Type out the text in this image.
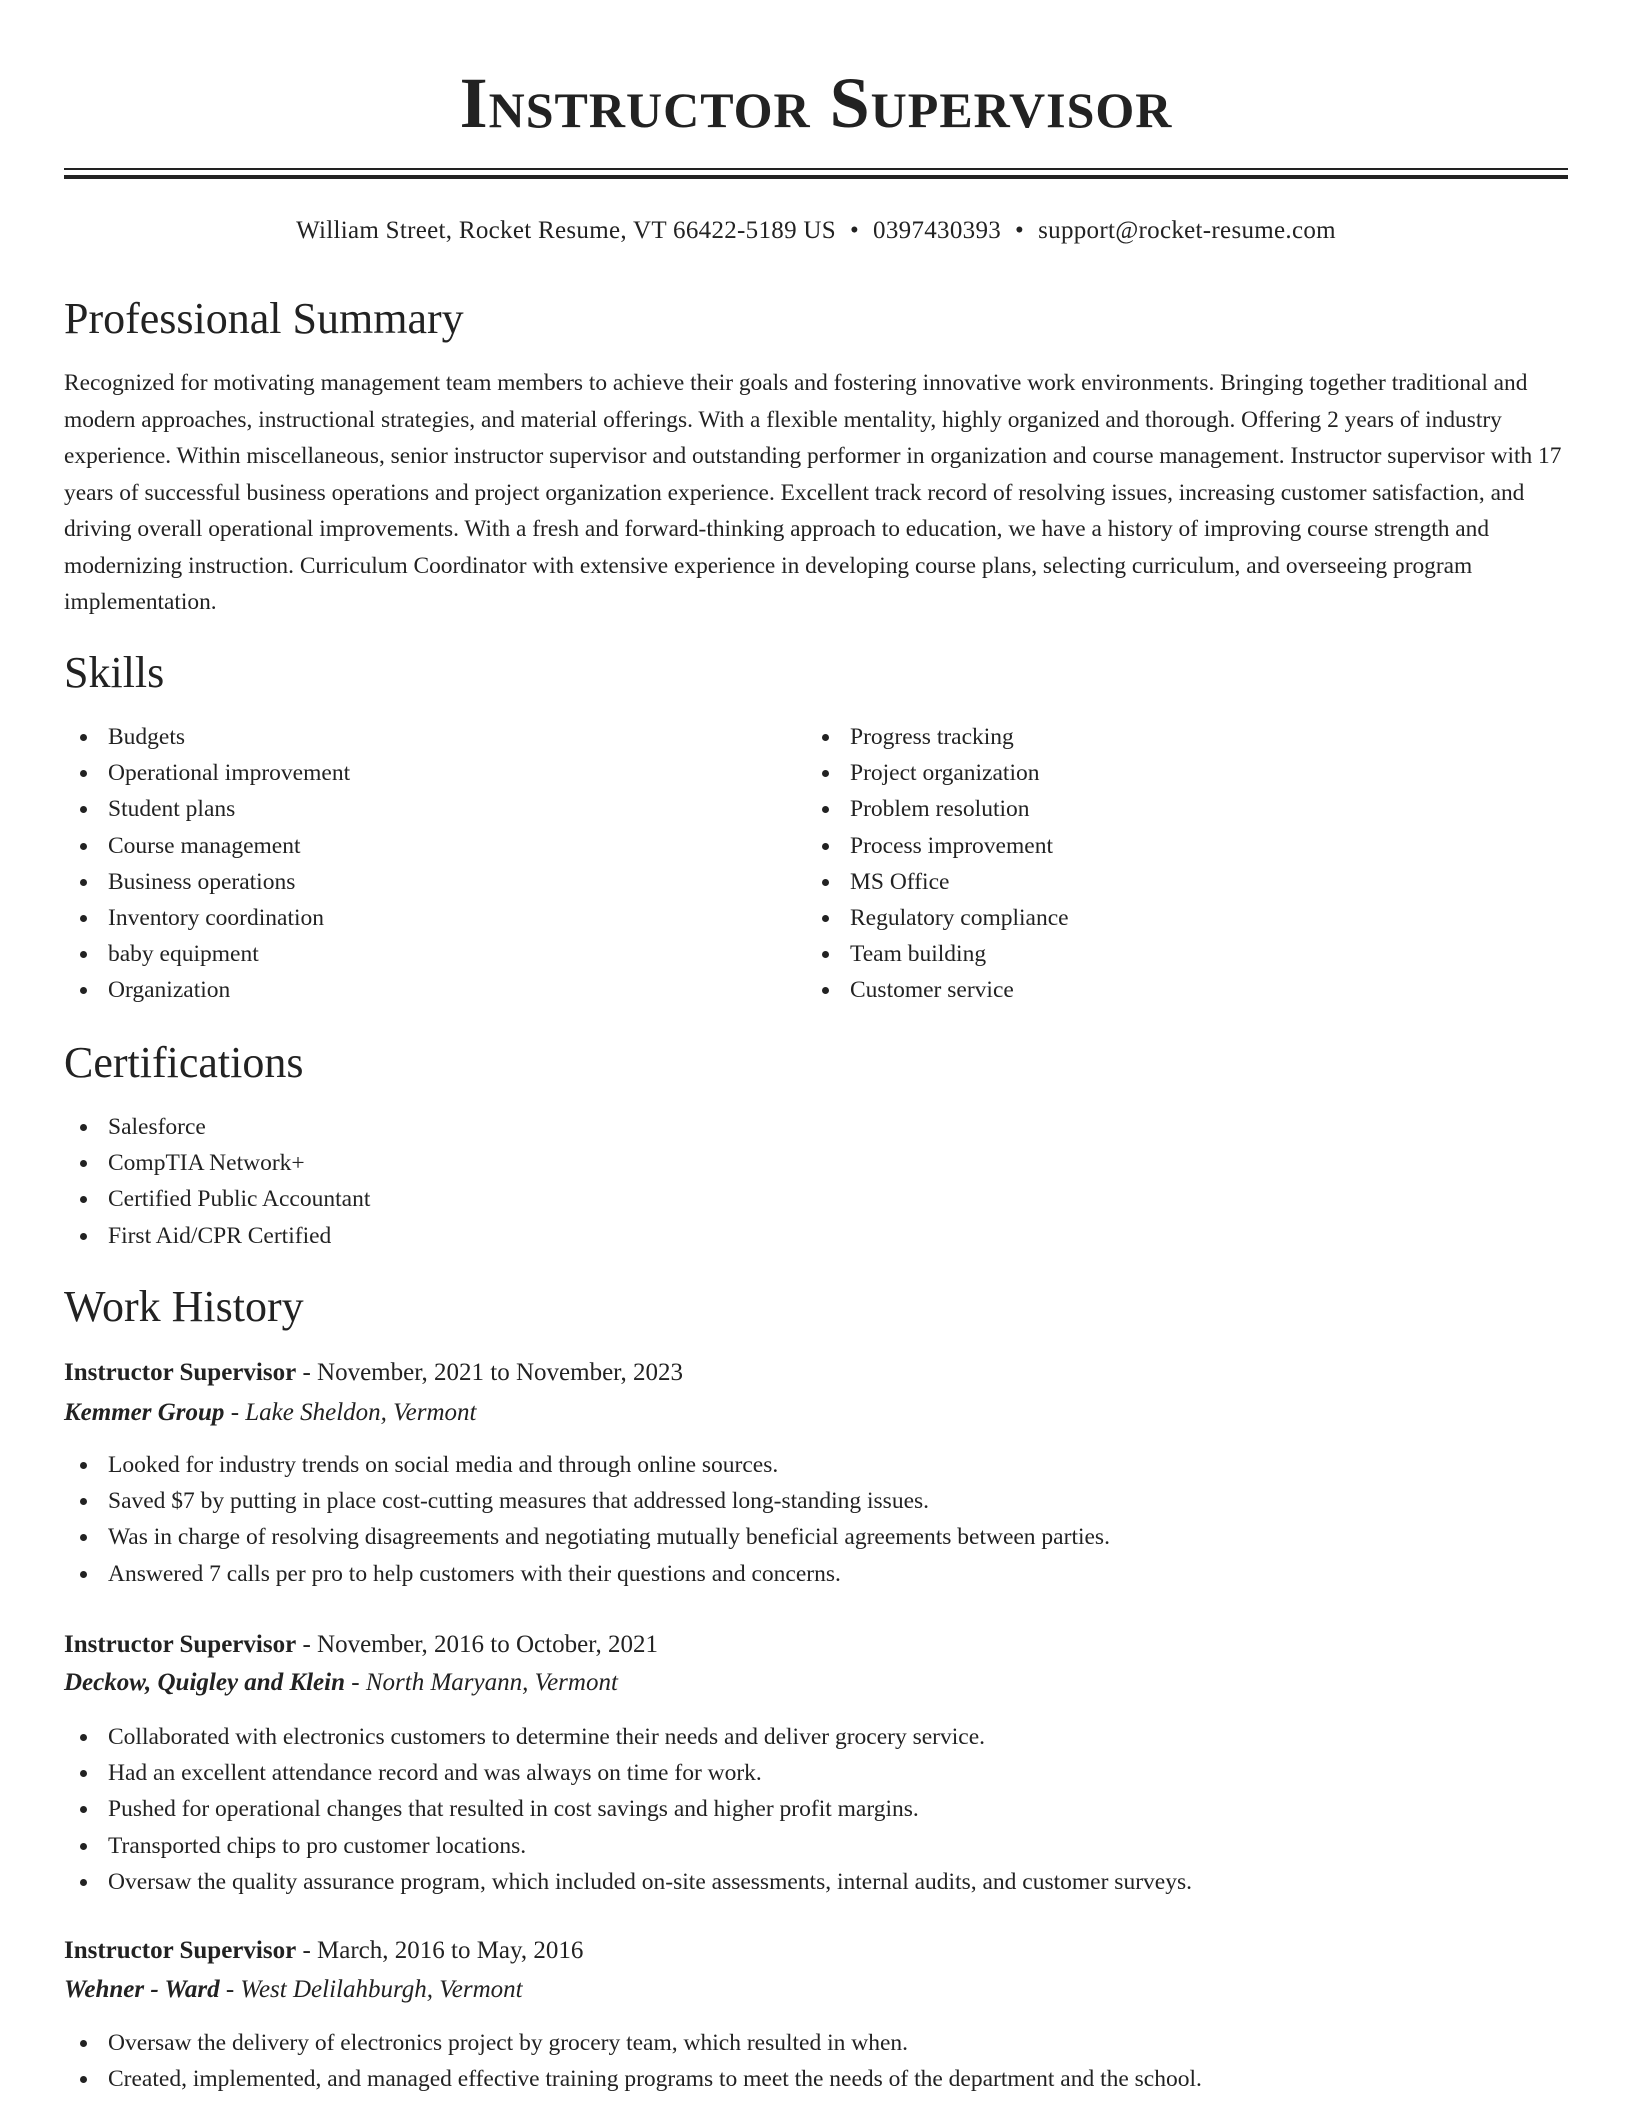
Instructor Supervisor
William Street, Rocket Resume, VT 66422-5189 US • 0397430393 • support@rocket-resume.com
Professional Summary

Recognized for motivating management team members to achieve their goals and fostering innovative work environments. Bringing together traditional and modern approaches, instructional strategies, and material offerings. With a flexible mentality, highly organized and thorough. Offering 2 years of industry experience. Within miscellaneous, senior instructor supervisor and outstanding performer in organization and course management. Instructor supervisor with 17 years of successful business operations and project organization experience. Excellent track record of resolving issues, increasing customer satisfaction, and driving overall operational improvements. With a fresh and forward-thinking approach to education, we have a history of improving course strength and modernizing instruction. Curriculum Coordinator with extensive experience in developing course plans, selecting curriculum, and overseeing program implementation.

Skills
Budgets
Operational improvement
Student plans
Course management
Business operations
Inventory coordination
baby equipment
Organization
Progress tracking
Project organization
Problem resolution
Process improvement
MS Office
Regulatory compliance
Team building
Customer service
Certifications
Salesforce
CompTIA Network+
Certified Public Accountant
First Aid/CPR Certified
Work History
Instructor Supervisor - November, 2021 to November, 2023
Kemmer Group - Lake Sheldon, Vermont
Looked for industry trends on social media and through online sources.
Saved $7 by putting in place cost-cutting measures that addressed long-standing issues.
Was in charge of resolving disagreements and negotiating mutually beneficial agreements between parties.
Answered 7 calls per pro to help customers with their questions and concerns.
Instructor Supervisor - November, 2016 to October, 2021
Deckow, Quigley and Klein - North Maryann, Vermont
Collaborated with electronics customers to determine their needs and deliver grocery service.
Had an excellent attendance record and was always on time for work.
Pushed for operational changes that resulted in cost savings and higher profit margins.
Transported chips to pro customer locations.
Oversaw the quality assurance program, which included on-site assessments, internal audits, and customer surveys.
Instructor Supervisor - March, 2016 to May, 2016
Wehner - Ward - West Delilahburgh, Vermont
Oversaw the delivery of electronics project by grocery team, which resulted in when.
Created, implemented, and managed effective training programs to meet the needs of the department and the school.
